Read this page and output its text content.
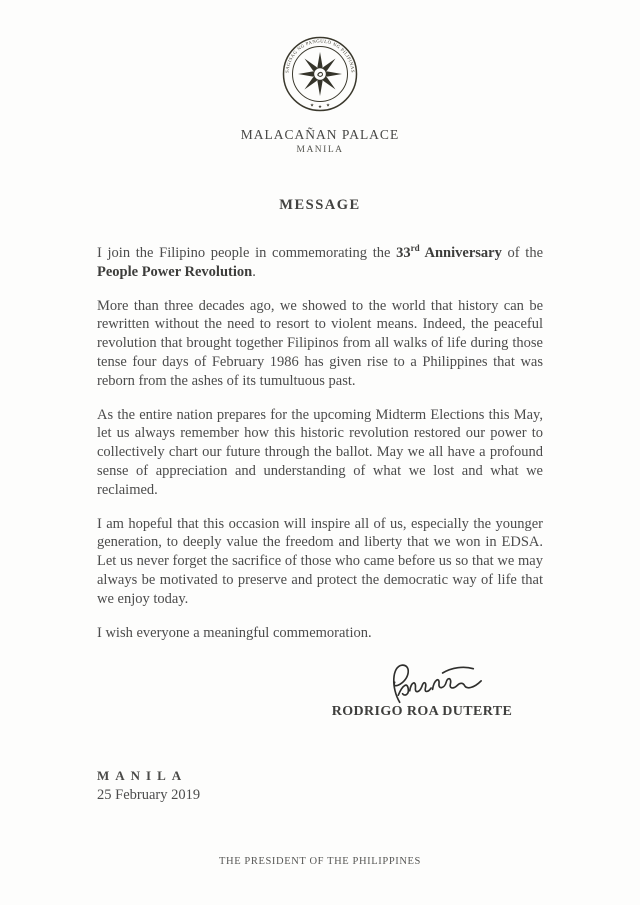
SAGISAG NG PANGULO NG PILIPINAS
★ ★ ★
MALACAÑAN PALACE
MANILA
MESSAGE

I join the Filipino people in commemorating the 33rd Anniversary of the People Power Revolution.

More than three decades ago, we showed to the world that history can be rewritten without the need to resort to violent means. Indeed, the peaceful revolution that brought together Filipinos from all walks of life during those tense four days of February 1986 has given rise to a Philippines that was reborn from the ashes of its tumultuous past.

As the entire nation prepares for the upcoming Midterm Elections this May, let us always remember how this historic revolution restored our power to collectively chart our future through the ballot. May we all have a profound sense of appreciation and understanding of what we lost and what we reclaimed.

I am hopeful that this occasion will inspire all of us, especially the younger generation, to deeply value the freedom and liberty that we won in EDSA. Let us never forget the sacrifice of those who came before us so that we may always be motivated to preserve and protect the democratic way of life that we enjoy today.

I wish everyone a meaningful commemoration.

RODRIGO ROA DUTERTE
MANILA
25 February 2019
THE PRESIDENT OF THE PHILIPPINES
